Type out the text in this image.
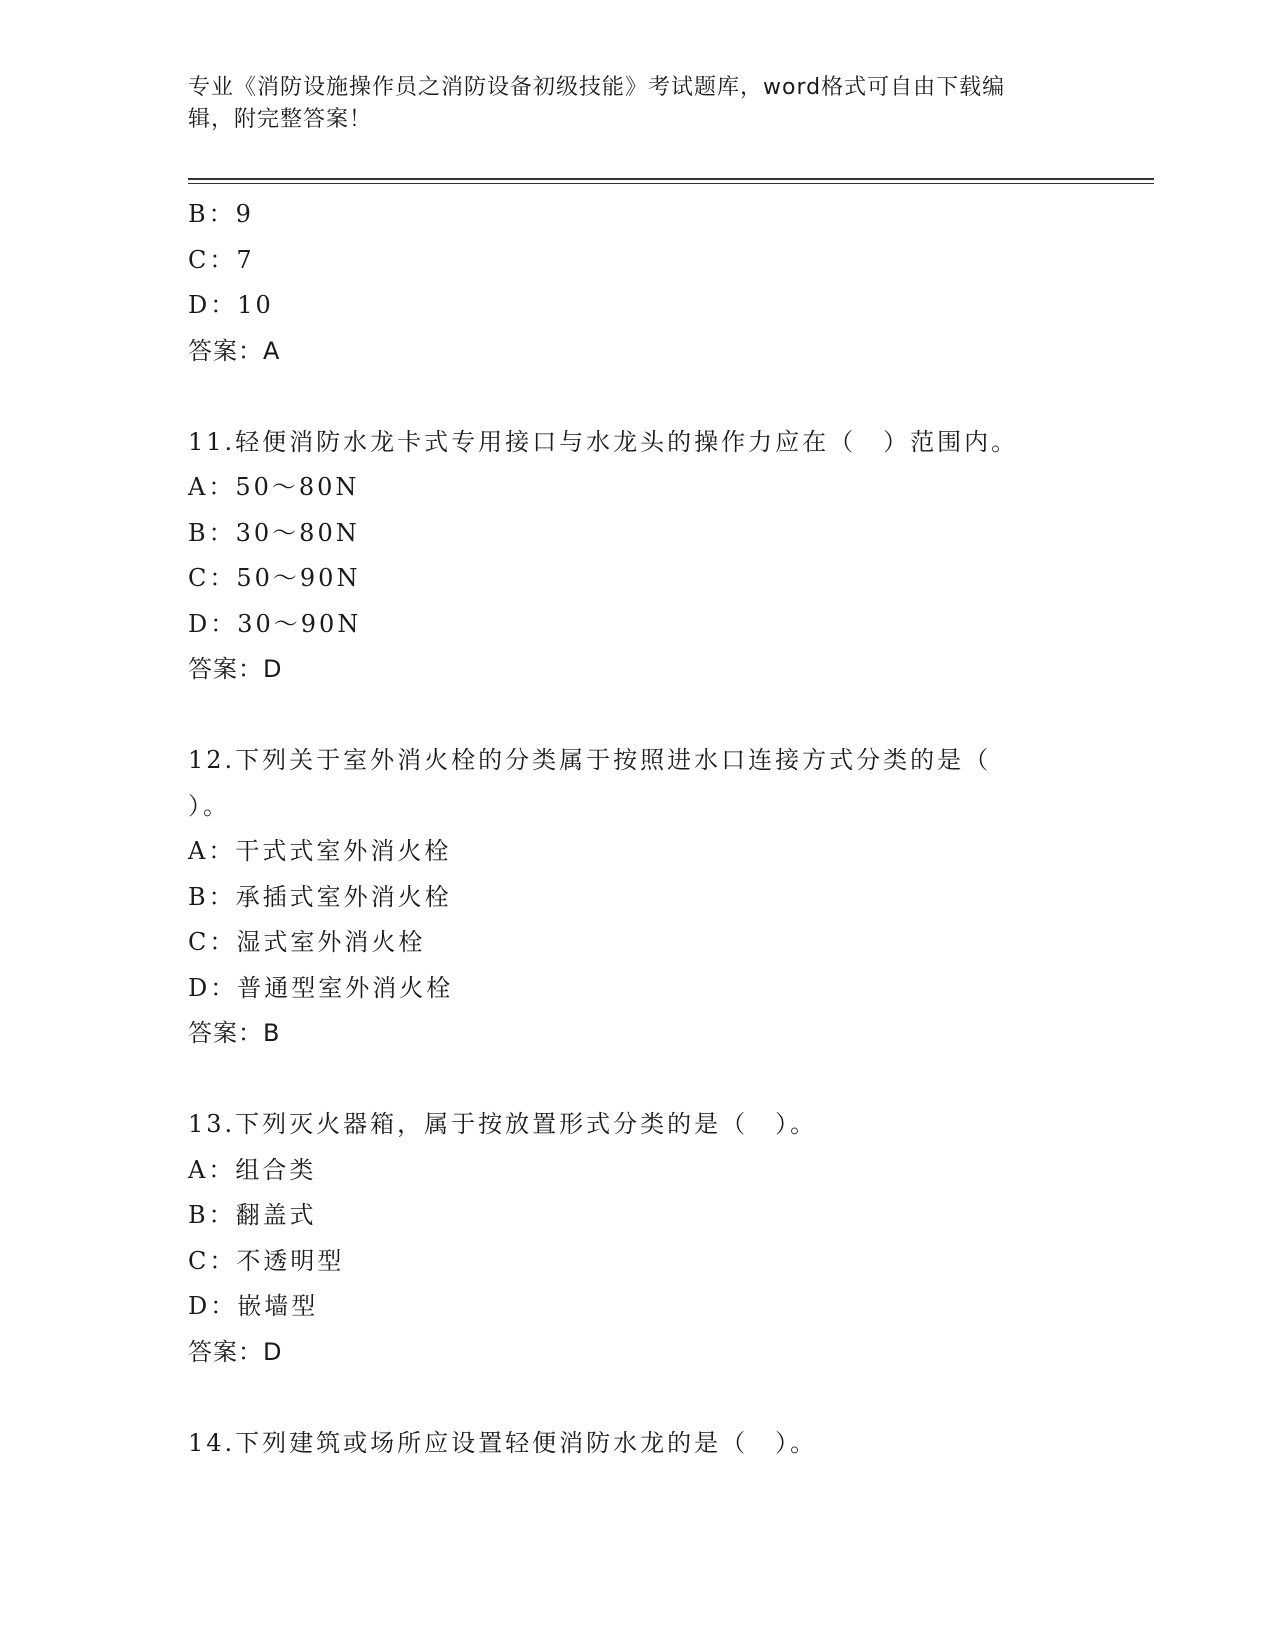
专业《消防设施操作员之消防设备初级技能》考试题库，word格式可自由下载编
辑，附完整答案！
B：9
C：7
D：10
答案：A
11.轻便消防水龙卡式专用接口与水龙头的操作力应在（　）范围内。
A：50～80N
B：30～80N
C：50～90N
D：30～90N
答案：D
12.下列关于室外消火栓的分类属于按照进水口连接方式分类的是（
）。
A：干式式室外消火栓
B：承插式室外消火栓
C：湿式室外消火栓
D：普通型室外消火栓
答案：B
13.下列灭火器箱，属于按放置形式分类的是（　）。
A：组合类
B：翻盖式
C：不透明型
D：嵌墙型
答案：D
14.下列建筑或场所应设置轻便消防水龙的是（　）。
